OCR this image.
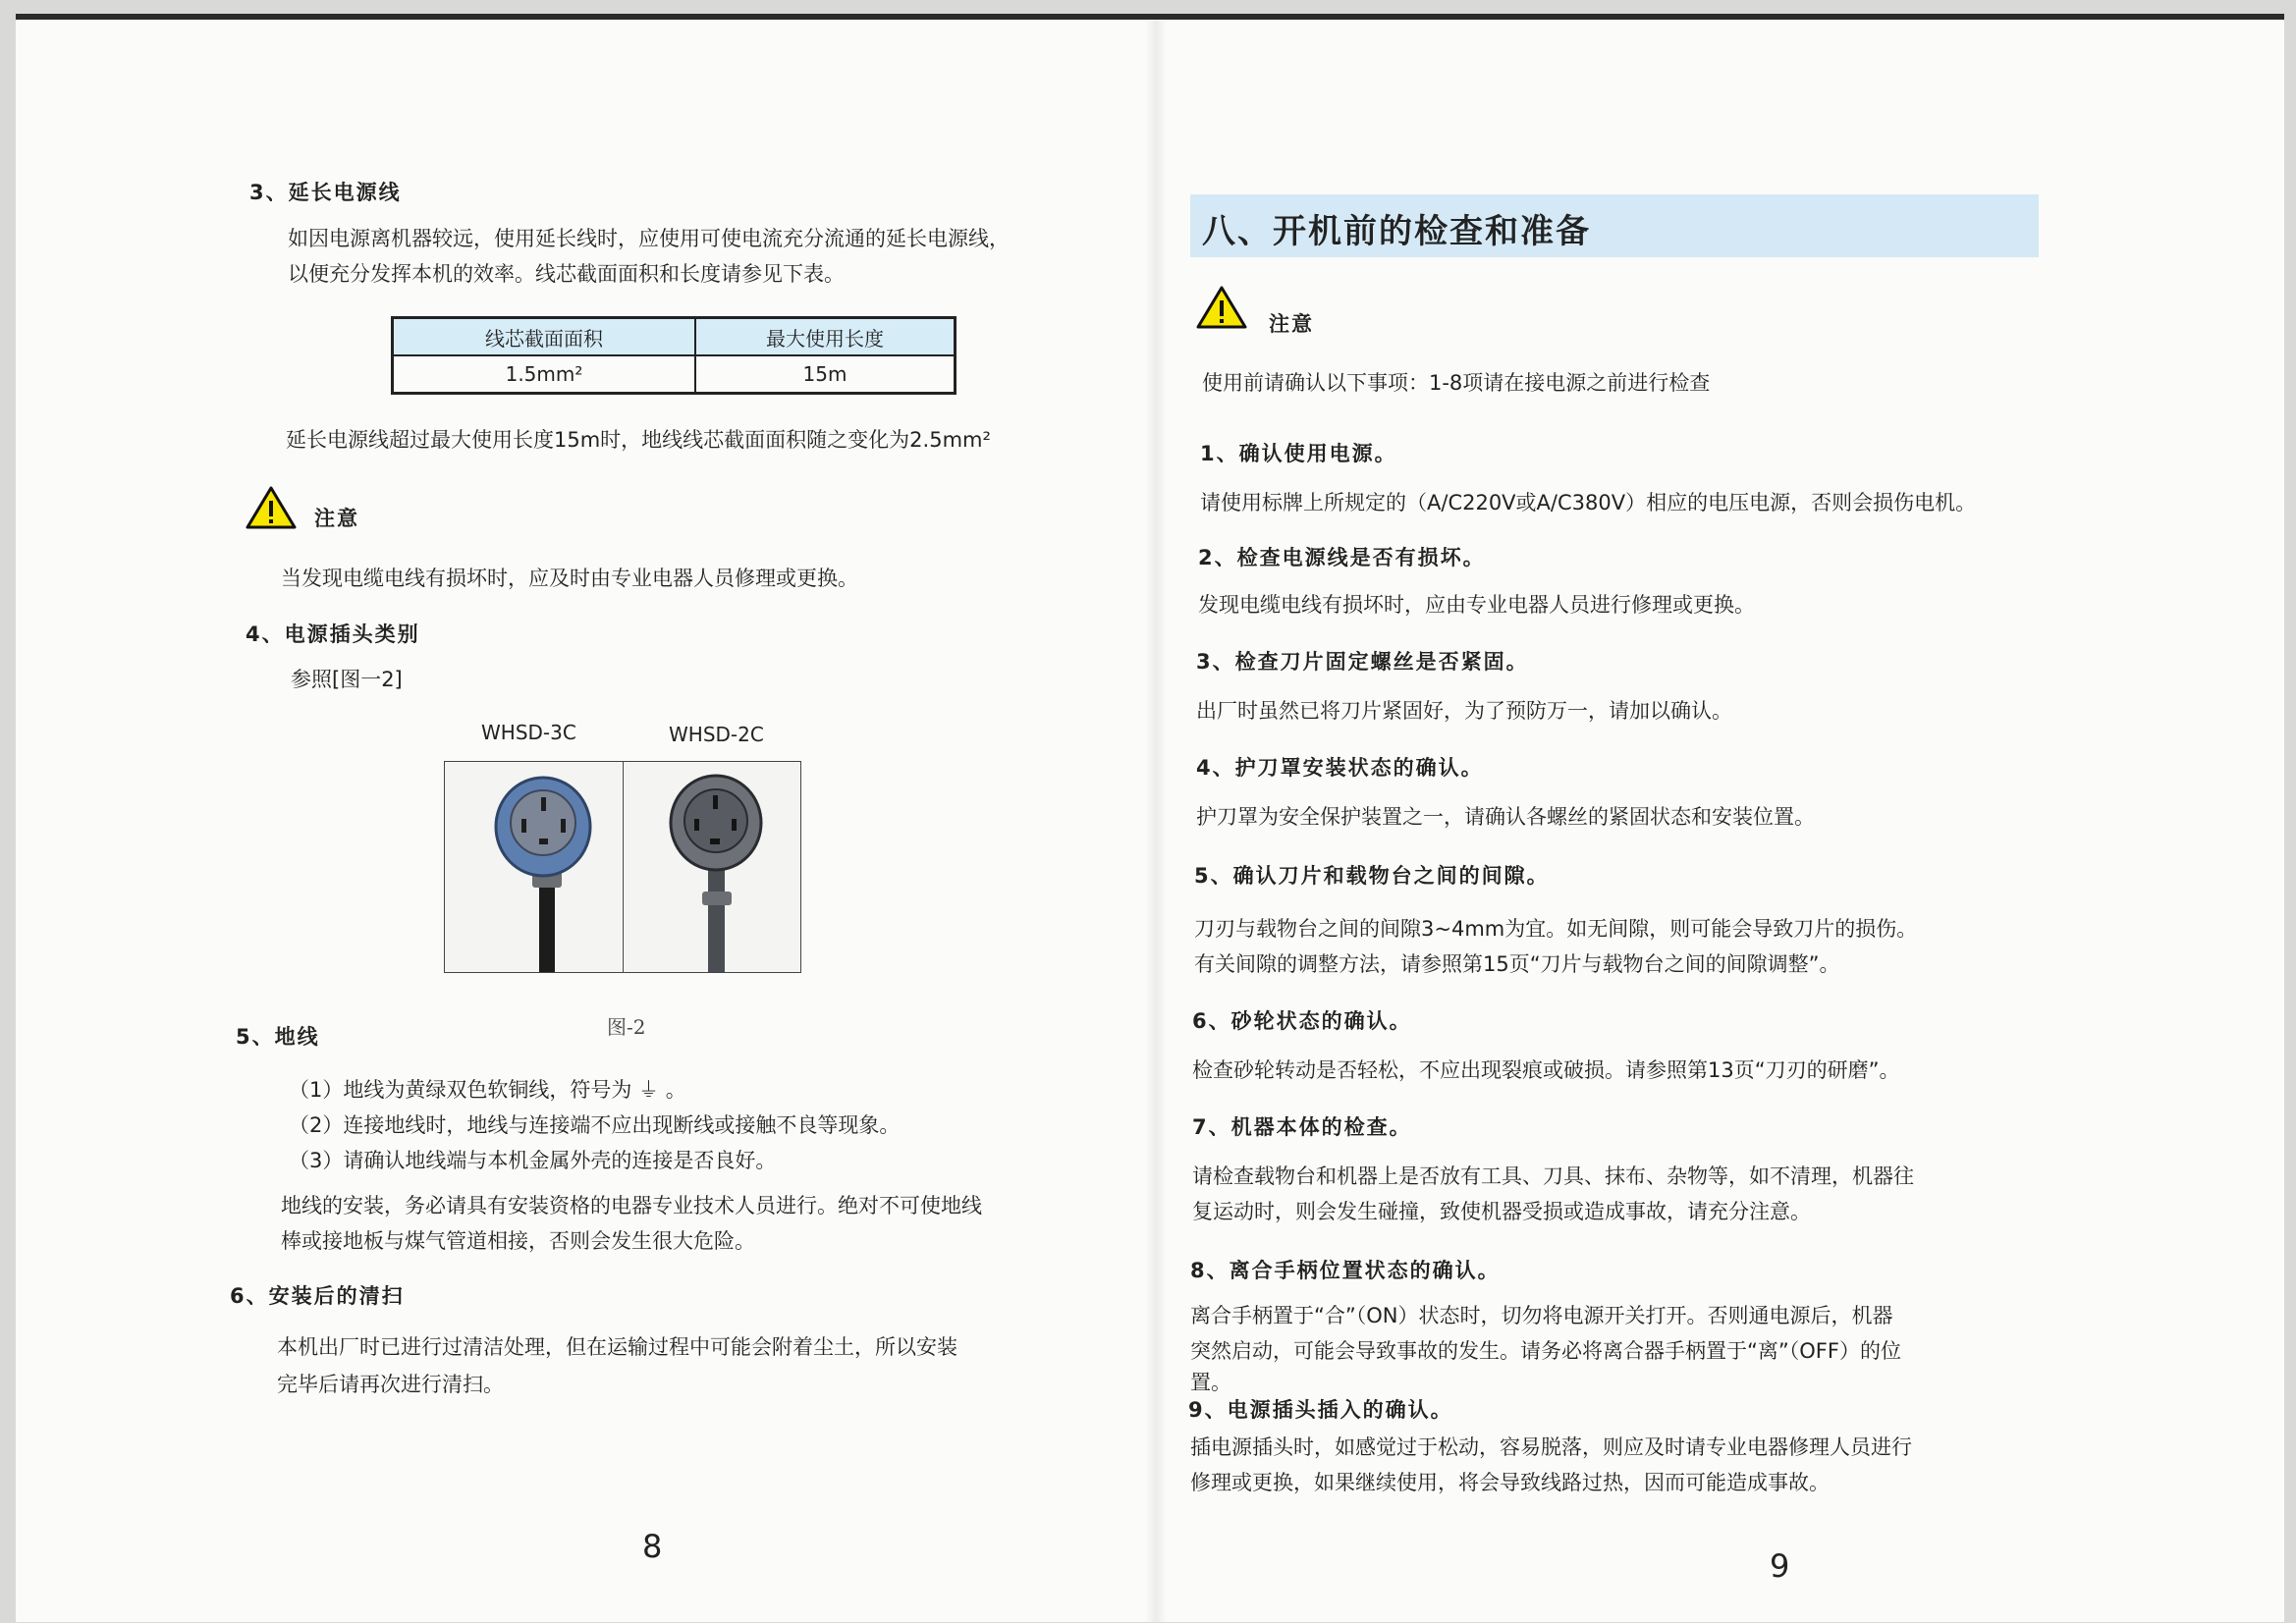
3、延长电源线
如因电源离机器较远，使用延长线时，应使用可使电流充分流通的延长电源线，
以便充分发挥本机的效率。线芯截面面积和长度请参见下表。
线芯截面面积	最大使用长度
1.5mm²	15m
延长电源线超过最大使用长度15m时，地线线芯截面面积随之变化为2.5mm²
注意
当发现电缆电线有损坏时，应及时由专业电器人员修理或更换。
4、电源插头类别
参照[图一2]
WHSD-3C	WHSD-2C
图-2
5、地线
（1）地线为黄绿双色软铜线，符号为 ⏚ 。
（2）连接地线时，地线与连接端不应出现断线或接触不良等现象。
（3）请确认地线端与本机金属外壳的连接是否良好。
地线的安装，务必请具有安装资格的电器专业技术人员进行。绝对不可使地线
棒或接地板与煤气管道相接，否则会发生很大危险。
6、安装后的清扫
本机出厂时已进行过清洁处理，但在运输过程中可能会附着尘土，所以安装
完毕后请再次进行清扫。
8
八、开机前的检查和准备
注意
使用前请确认以下事项：1-8项请在接电源之前进行检查
1、确认使用电源。
请使用标牌上所规定的（A/C220V或A/C380V）相应的电压电源，否则会损伤电机。
2、检查电源线是否有损坏。
发现电缆电线有损坏时，应由专业电器人员进行修理或更换。
3、检查刀片固定螺丝是否紧固。
出厂时虽然已将刀片紧固好，为了预防万一，请加以确认。
4、护刀罩安装状态的确认。
护刀罩为安全保护装置之一，请确认各螺丝的紧固状态和安装位置。
5、确认刀片和载物台之间的间隙。
刀刃与载物台之间的间隙3~4mm为宜。如无间隙，则可能会导致刀片的损伤。
有关间隙的调整方法，请参照第15页“刀片与载物台之间的间隙调整”。
6、砂轮状态的确认。
检查砂轮转动是否轻松，不应出现裂痕或破损。请参照第13页“刀刃的研磨”。
7、机器本体的检查。
请检查载物台和机器上是否放有工具、刀具、抹布、杂物等，如不清理，机器往
复运动时，则会发生碰撞，致使机器受损或造成事故，请充分注意。
8、离合手柄位置状态的确认。
离合手柄置于“合”（ON）状态时，切勿将电源开关打开。否则通电源后，机器
突然启动，可能会导致事故的发生。请务必将离合器手柄置于“离”（OFF）的位
置。
9、电源插头插入的确认。
插电源插头时，如感觉过于松动，容易脱落，则应及时请专业电器修理人员进行
修理或更换，如果继续使用，将会导致线路过热，因而可能造成事故。
9
